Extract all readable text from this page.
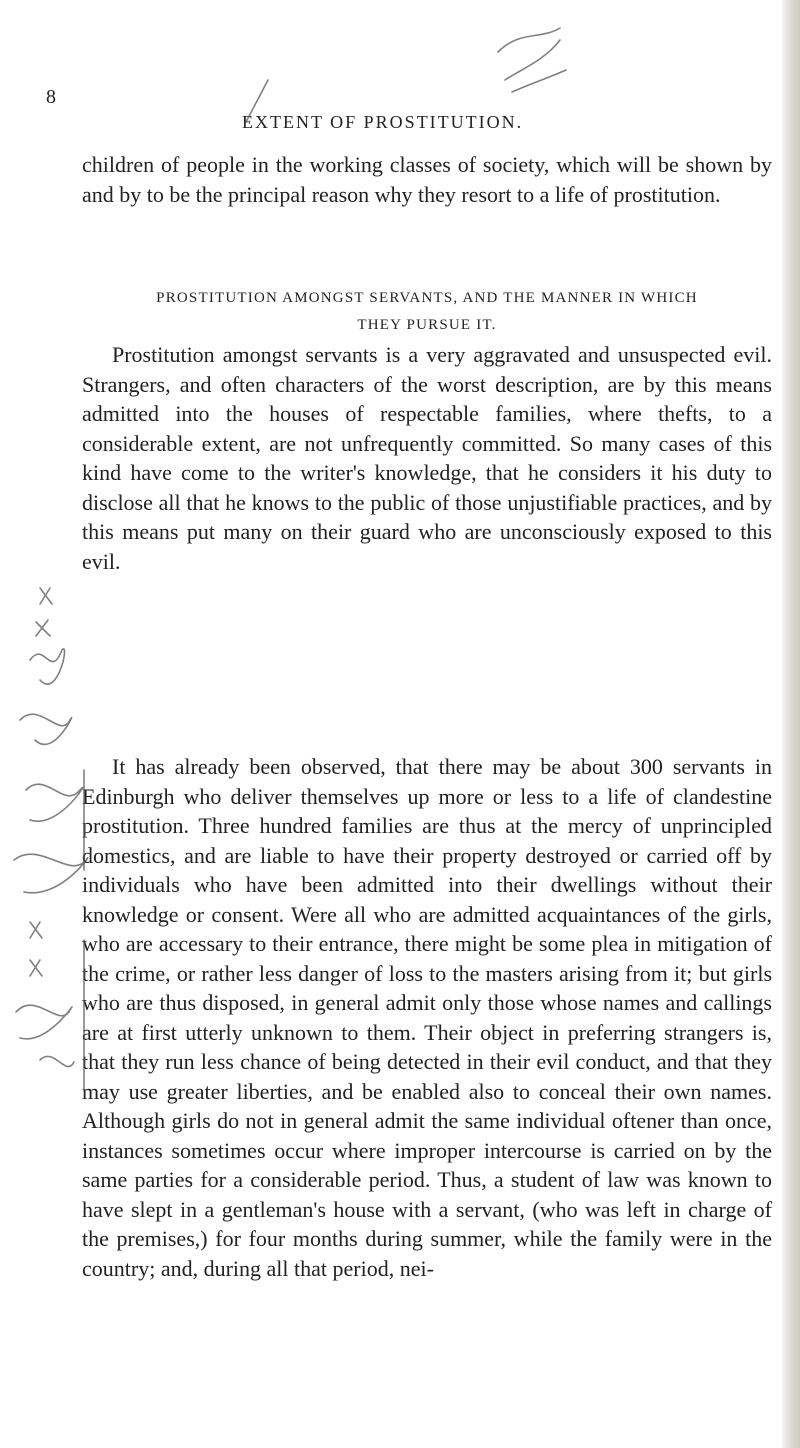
8
EXTENT OF PROSTITUTION.
children of people in the working classes of society, which will be shown by and by to be the principal reason why they resort to a life of prostitution.
PROSTITUTION AMONGST SERVANTS, AND THE MANNER IN WHICH
THEY PURSUE IT.
Prostitution amongst servants is a very aggravated and unsuspected evil. Strangers, and often characters of the worst description, are by this means admitted into the houses of respectable families, where thefts, to a considerable extent, are not unfrequently committed. So many cases of this kind have come to the writer's knowledge, that he considers it his duty to disclose all that he knows to the public of those unjustifiable practices, and by this means put many on their guard who are unconsciously exposed to this evil.
It has already been observed, that there may be about 300 servants in Edinburgh who deliver themselves up more or less to a life of clandestine prostitution. Three hundred families are thus at the mercy of unprincipled domestics, and are liable to have their property destroyed or carried off by individuals who have been admitted into their dwellings without their knowledge or consent. Were all who are admitted acquaintances of the girls, who are accessary to their entrance, there might be some plea in mitigation of the crime, or rather less danger of loss to the masters arising from it; but girls who are thus disposed, in general admit only those whose names and callings are at first utterly unknown to them. Their object in preferring strangers is, that they run less chance of being detected in their evil conduct, and that they may use greater liberties, and be enabled also to conceal their own names. Although girls do not in general admit the same individual oftener than once, instances sometimes occur where improper intercourse is carried on by the same parties for a considerable period. Thus, a student of law was known to have slept in a gentleman's house with a servant, (who was left in charge of the premises,) for four months during summer, while the family were in the country; and, during all that period, nei-
